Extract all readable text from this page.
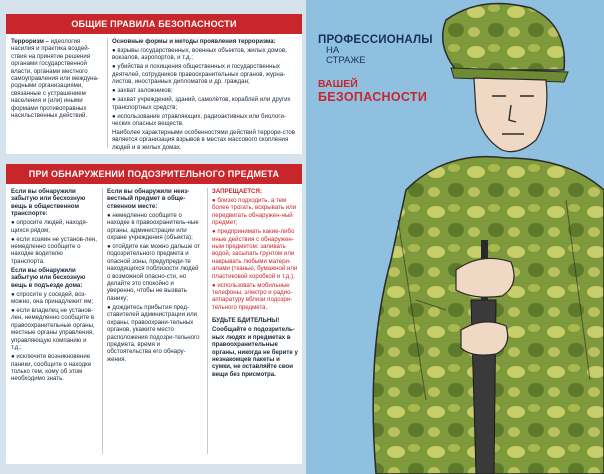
ОБЩИЕ ПРАВИЛА БЕЗОПАСНОСТИ

Терроризм – идеология насилия и практика воздей-ствия на принятие решения органами государственной власти, органами местного самоуправления или междуна-родными организациями, связанные с устрашением населения и (или) иными формами противоправных насильственных действий.

Основные формы и методы проявления терроризма:

● взрывы государственных, военных объектов, жилых домов, вокзалов, аэропортов, и т.д.;

● убийства и похищения общественных и государственных деятелей, сотрудников правоохранительных органов, журна-листов, иностранных дипломатов и др. граждан;

● захват заложников;

● захват учреждений, зданий, самолётов, кораблей или других транспортных средств;

● использование отравляющих, радиоактивных или биологи-ческих опасных веществ.

Наиболее характерными особенностями действий террори-стов является организация взрывов в местах массового скопления людей и в жилых домах.

ПРИ ОБНАРУЖЕНИИ ПОДОЗРИТЕЛЬНОГО ПРЕДМЕТА

Если вы обнаружили забытую или бесхозную вещь в общественном транспорте:

● опросите людей, находя-щихся рядом;

● если хозяин не установ-лен, немедленно сообщите о находке водителю транспорта.

Если вы обнаружили забытую или бесхозную вещь в подъезде дома:

● спросите у соседей, воз-можно, она принадлежит им;

● если владелец не установ-лен, немедленно сообщите в правоохранительные органы, местные органы управления, управляющую компанию и т.д.;

● исключите возникновение паники, сообщите о находке только тем, кому об этом необходимо знать.

Если вы обнаружили неиз-вестный предмет в обще-ственном месте:

● немедленно сообщите о находке в правоохранитель-ные органы, администрации или охране учреждения (объекта);

● отойдите как можно дальше от подозрительного предмета и опасной зоны, предупреди-те находящихся поблизости людей о возможной опасно-сти, но делайте это спокойно и уверенно, чтобы не вызвать панику;

● дождитесь прибытия пред-ставителей администрации или охраны, правоохрани-тельных органов, укажите место расположения подозри-тельного предмета, время и обстоятельства его обнару-жения.

ЗАПРЕЩАЕТСЯ:

● близко подходить, а тем более трогать, вскрывать или передвигать обнаружен-ный предмет;

● предпринимать какие-либо иные действия с обнаружен-ным предметом: заливать водой, засыпать грунтом или накрывать любыми матери-алами (тканью, бумажной или пластиковой коробкой и т.д.);

● использовать мобильные телефоны, электро и радио-аппаратуру вблизи подозри-тельного предмета.

БУДЬТЕ БДИТЕЛЬНЫ!

Сообщайте о подозритель-ных людях и предметах в правоохранительные органы, никогда не берите у незнакомцев пакеты и сумки, не оставляйте свои вещи без присмотра.

ПРОФЕССИОНАЛЫ
НА
СТРАЖЕ
ВАШЕЙ
БЕЗОПАСНОСТИ
